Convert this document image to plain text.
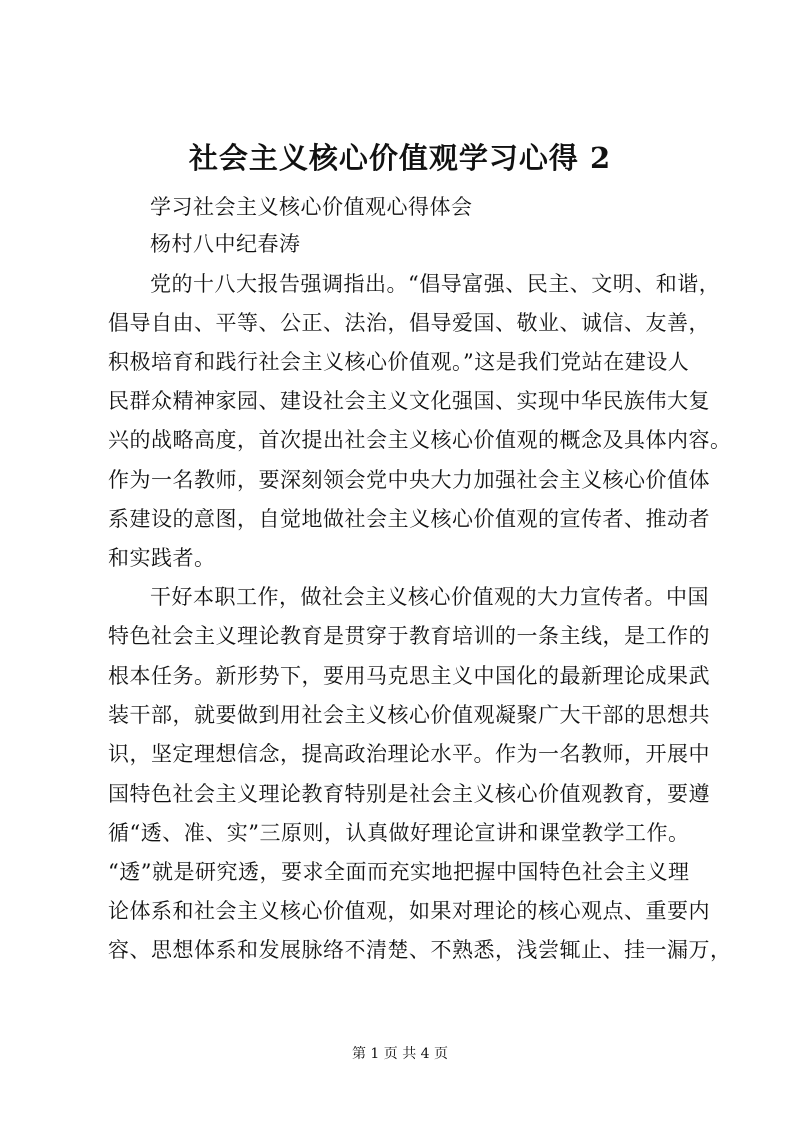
社会主义核心价值观学习心得 2
学习社会主义核心价值观心得体会
杨村八中纪春涛
党的十八大报告强调指出。“倡导富强、民主、文明、和谐，
倡导自由、平等、公正、法治，倡导爱国、敬业、诚信、友善，
积极培育和践行社会主义核心价值观。”这是我们党站在建设人
民群众精神家园、建设社会主义文化强国、实现中华民族伟大复
兴的战略高度，首次提出社会主义核心价值观的概念及具体内容。
作为一名教师，要深刻领会党中央大力加强社会主义核心价值体
系建设的意图，自觉地做社会主义核心价值观的宣传者、推动者
和实践者。
干好本职工作，做社会主义核心价值观的大力宣传者。中国
特色社会主义理论教育是贯穿于教育培训的一条主线，是工作的
根本任务。新形势下，要用马克思主义中国化的最新理论成果武
装干部，就要做到用社会主义核心价值观凝聚广大干部的思想共
识，坚定理想信念，提高政治理论水平。作为一名教师，开展中
国特色社会主义理论教育特别是社会主义核心价值观教育，要遵
循“透、准、实”三原则，认真做好理论宣讲和课堂教学工作。
“透”就是研究透，要求全面而充实地把握中国特色社会主义理
论体系和社会主义核心价值观，如果对理论的核心观点、重要内
容、思想体系和发展脉络不清楚、不熟悉，浅尝辄止、挂一漏万，
第 1 页 共 4 页
